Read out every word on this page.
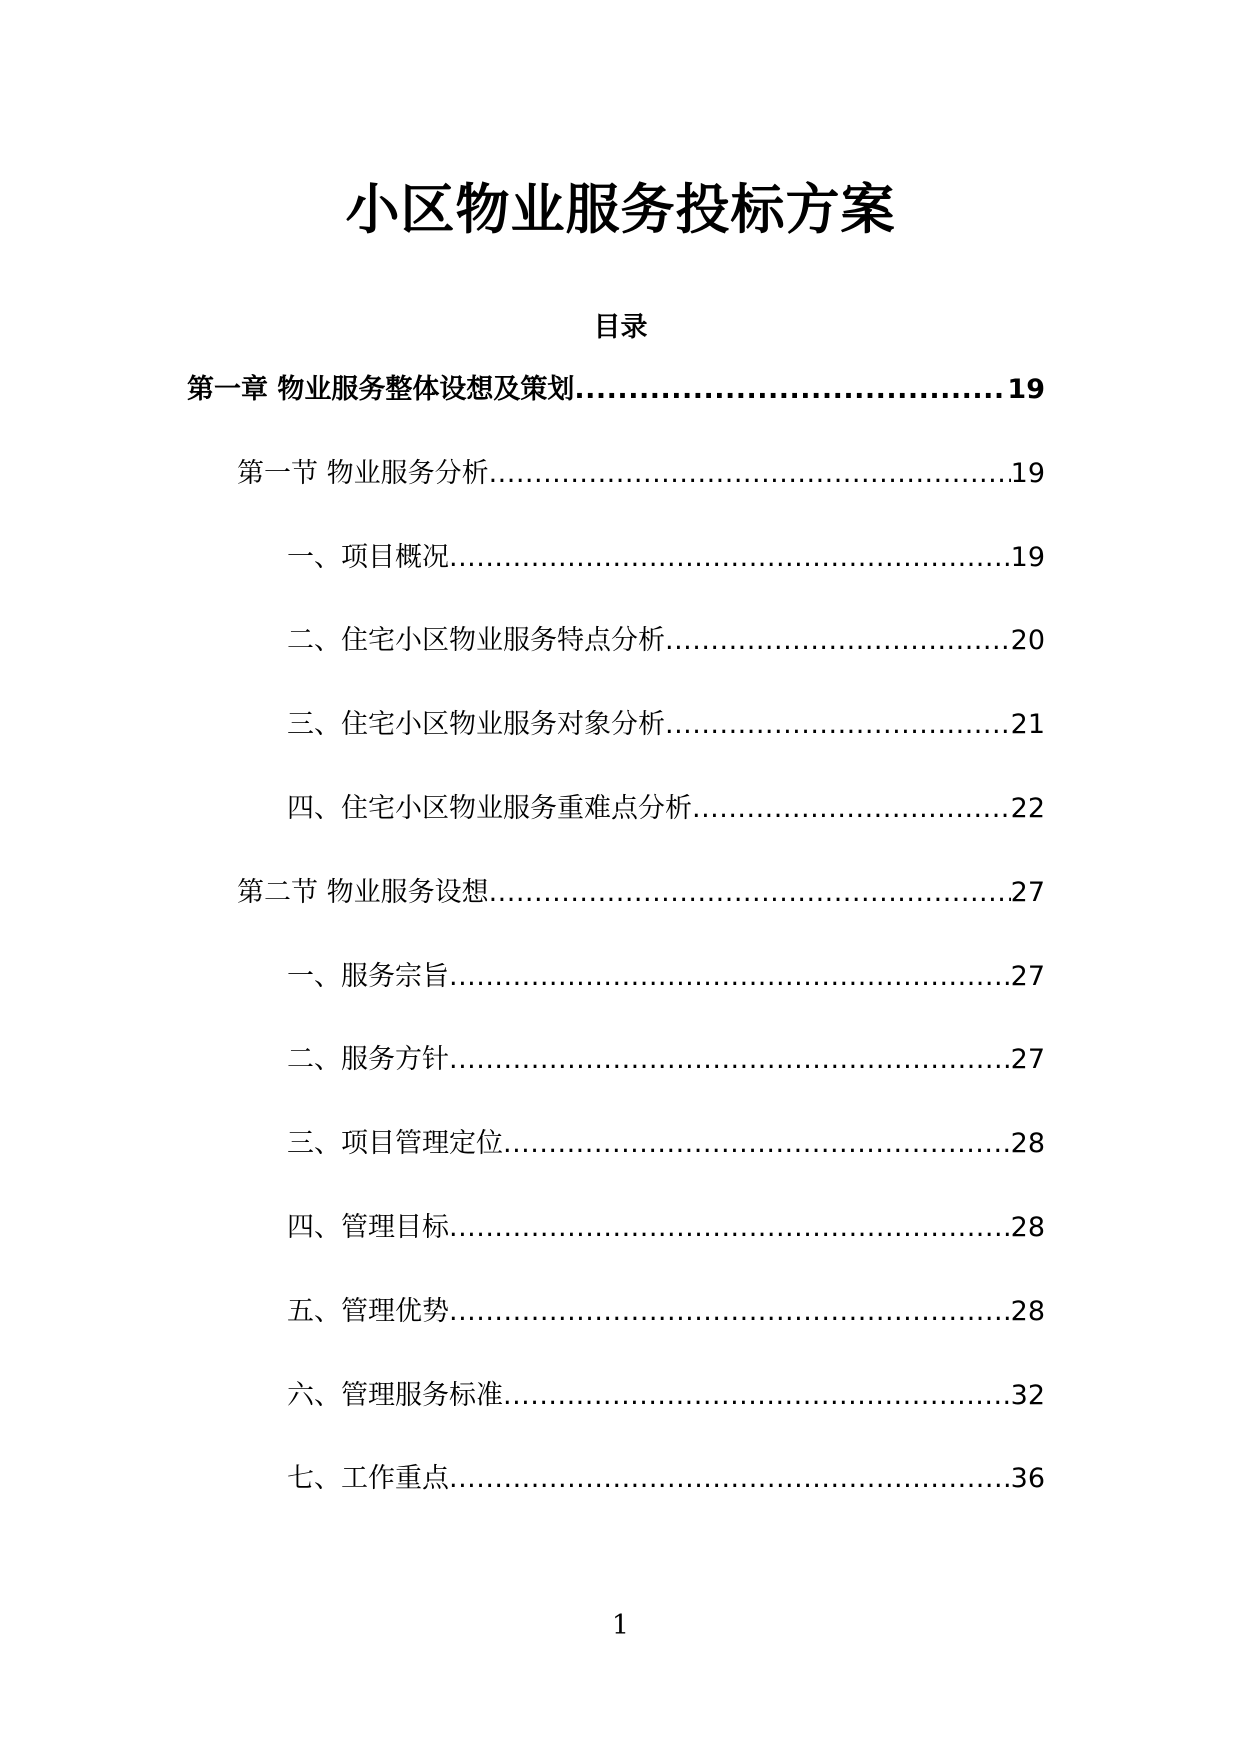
小区物业服务投标方案
目录
第一章 物业服务整体设想及策划 .....	19
第一节 物业服务分析 .....	19
一、项目概况 .....	19
二、住宅小区物业服务特点分析 .....	20
三、住宅小区物业服务对象分析 .....	21
四、住宅小区物业服务重难点分析 .....	22
第二节 物业服务设想 .....	27
一、服务宗旨 .....	27
二、服务方针 .....	27
三、项目管理定位 .....	28
四、管理目标 .....	28
五、管理优势 .....	28
六、管理服务标准 .....	32
七、工作重点 .....	36
1
